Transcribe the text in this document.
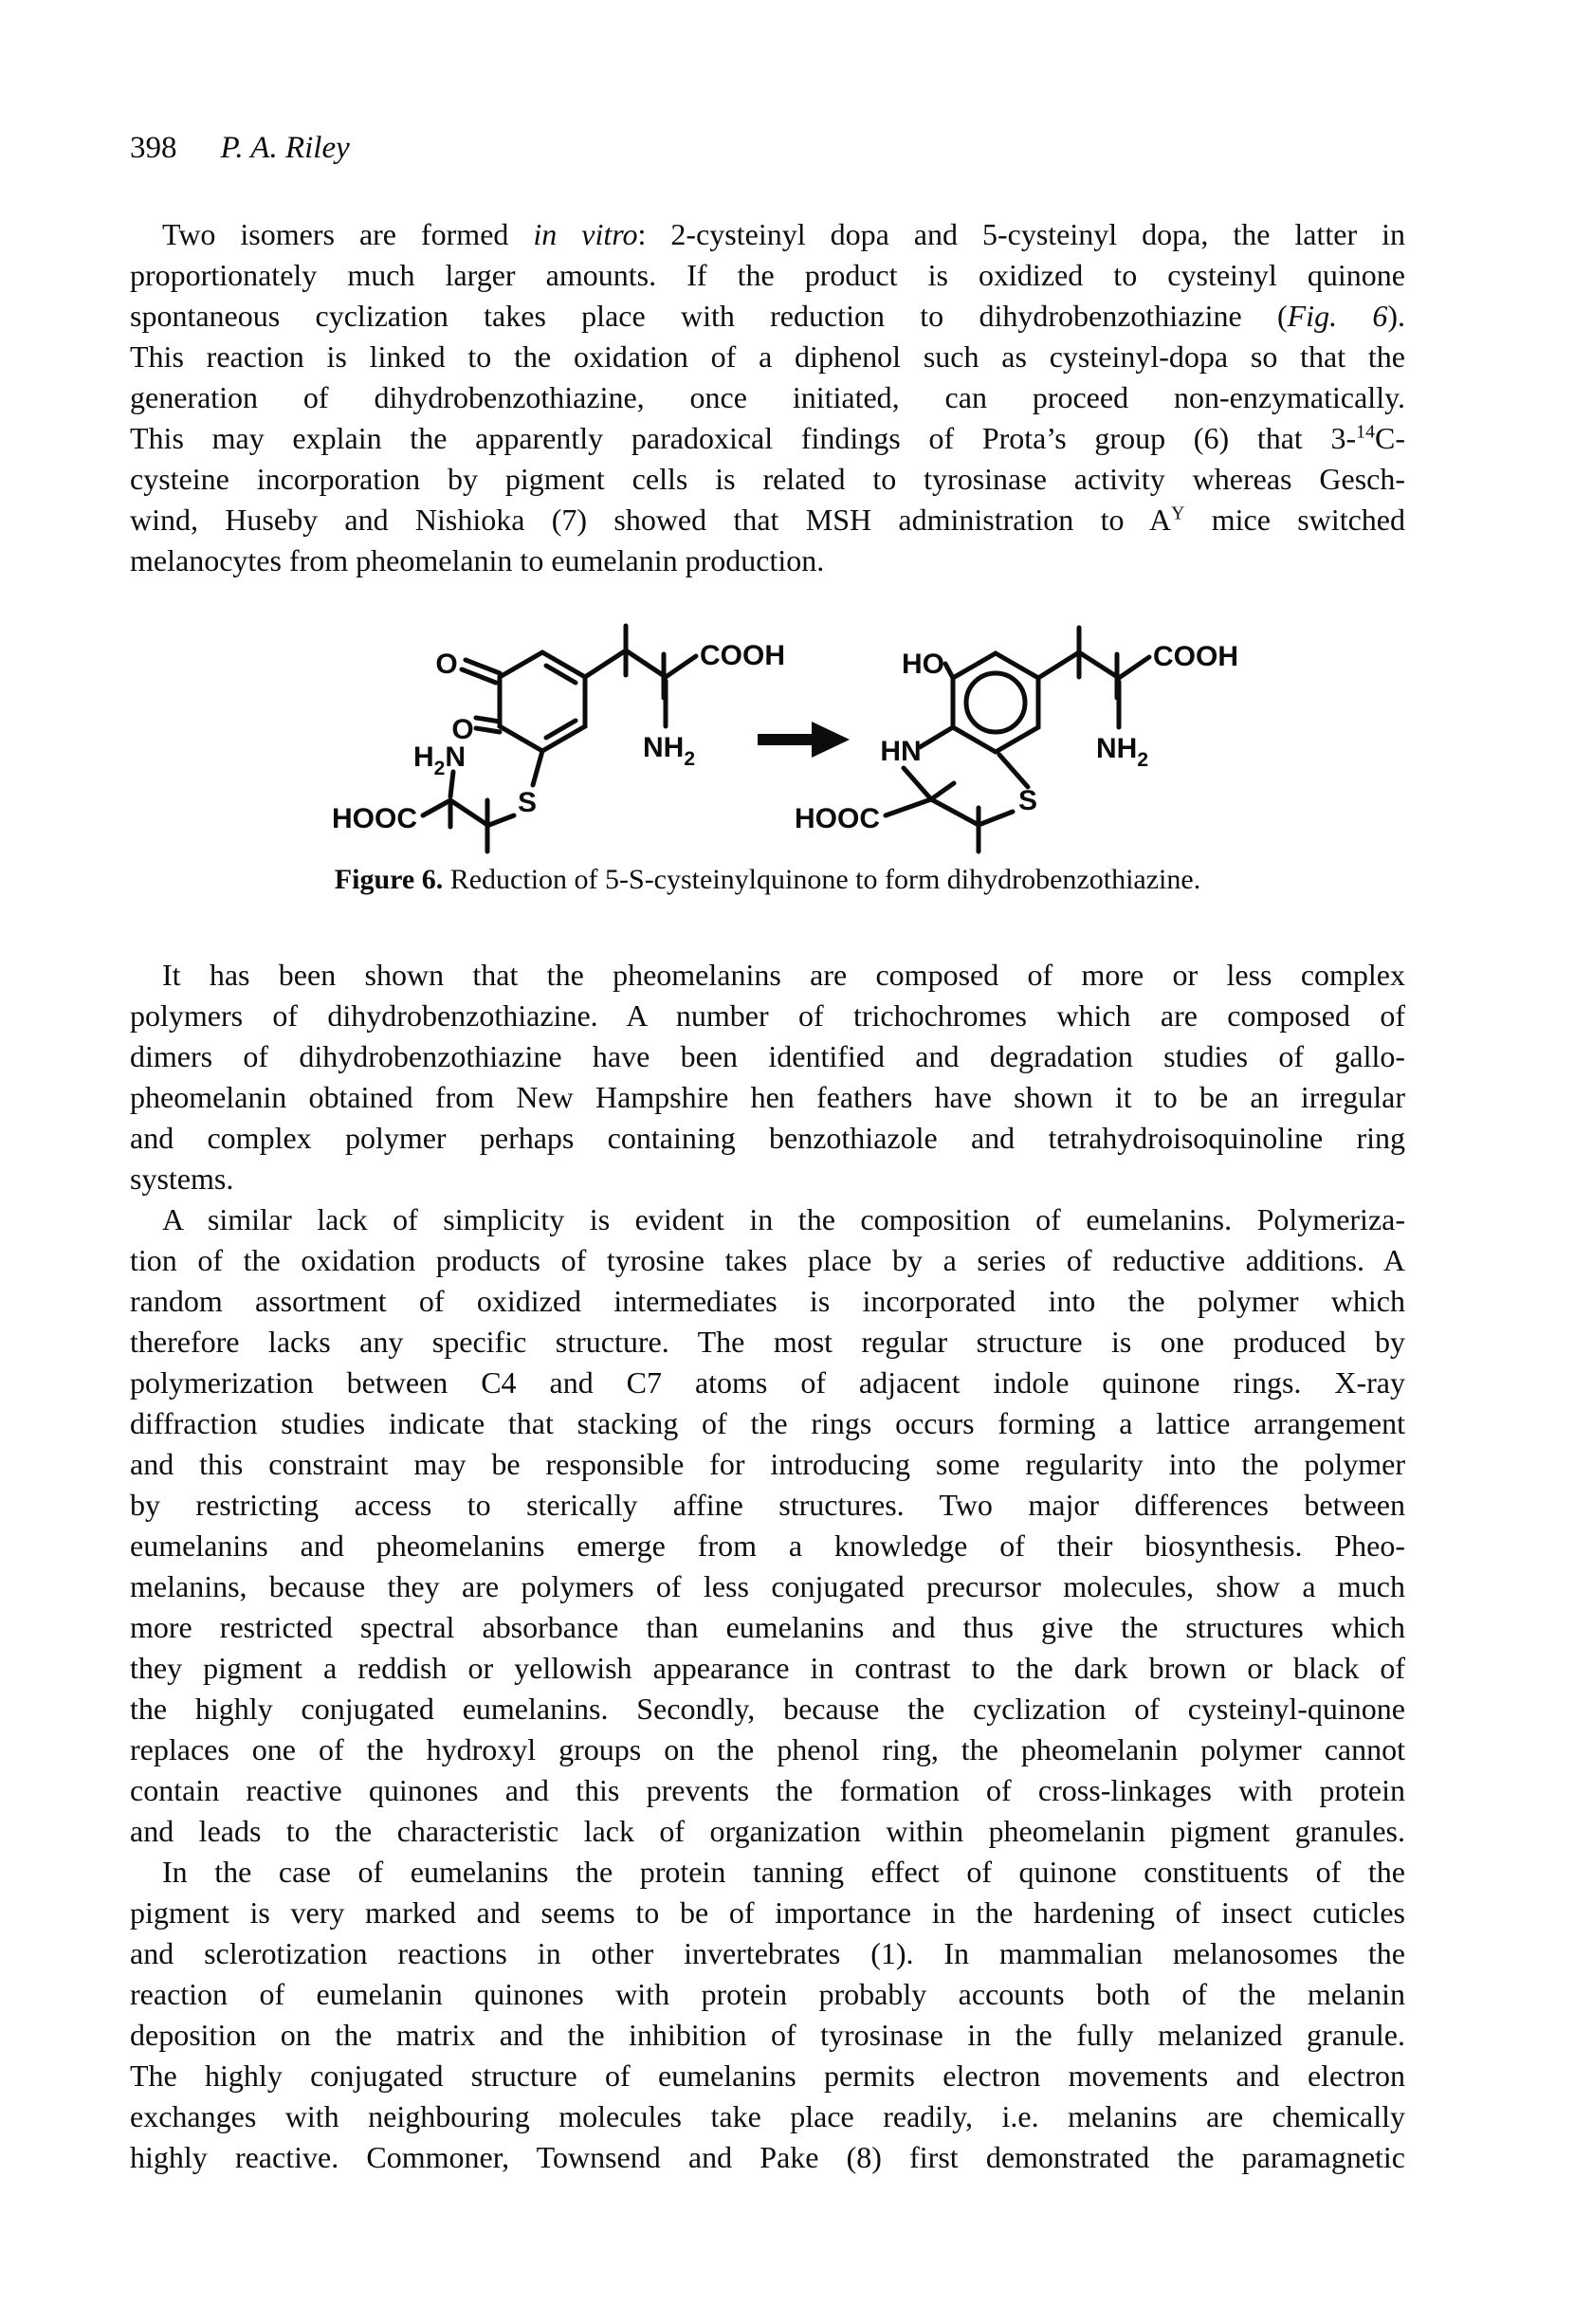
398 P. A. Riley
Two isomers are formed in vitro: 2-cysteinyl dopa and 5-cysteinyl dopa, the latter in
proportionately much larger amounts. If the product is oxidized to cysteinyl quinone
spontaneous cyclization takes place with reduction to dihydrobenzothiazine (Fig. 6).
This reaction is linked to the oxidation of a diphenol such as cysteinyl-dopa so that the
generation of dihydrobenzothiazine, once initiated, can proceed non-enzymatically.
This may explain the apparently paradoxical findings of Prota’s group (6) that 3-$^{14}$C-
cysteine incorporation by pigment cells is related to tyrosinase activity whereas Gesch-
wind, Huseby and Nishioka (7) showed that MSH administration to $A^Y$ mice switched
melanocytes from pheomelanin to eumelanin production.
O
O
COOH
$NH_2$
S
$H_2N$
HOOC
HO
HN
HOOC
S
COOH
$NH_2$
Figure 6. Reduction of 5-S-cysteinylquinone to form dihydrobenzothiazine.
It has been shown that the pheomelanins are composed of more or less complex
polymers of dihydrobenzothiazine. A number of trichochromes which are composed of
dimers of dihydrobenzothiazine have been identified and degradation studies of gallo-
pheomelanin obtained from New Hampshire hen feathers have shown it to be an irregular
and complex polymer perhaps containing benzothiazole and tetrahydroisoquinoline ring
systems.
A similar lack of simplicity is evident in the composition of eumelanins. Polymeriza-
tion of the oxidation products of tyrosine takes place by a series of reductive additions. A
random assortment of oxidized intermediates is incorporated into the polymer which
therefore lacks any specific structure. The most regular structure is one produced by
polymerization between C4 and C7 atoms of adjacent indole quinone rings. X-ray
diffraction studies indicate that stacking of the rings occurs forming a lattice arrangement
and this constraint may be responsible for introducing some regularity into the polymer
by restricting access to sterically affine structures. Two major differences between
eumelanins and pheomelanins emerge from a knowledge of their biosynthesis. Pheo-
melanins, because they are polymers of less conjugated precursor molecules, show a much
more restricted spectral absorbance than eumelanins and thus give the structures which
they pigment a reddish or yellowish appearance in contrast to the dark brown or black of
the highly conjugated eumelanins. Secondly, because the cyclization of cysteinyl-quinone
replaces one of the hydroxyl groups on the phenol ring, the pheomelanin polymer cannot
contain reactive quinones and this prevents the formation of cross-linkages with protein
and leads to the characteristic lack of organization within pheomelanin pigment granules.
In the case of eumelanins the protein tanning effect of quinone constituents of the
pigment is very marked and seems to be of importance in the hardening of insect cuticles
and sclerotization reactions in other invertebrates (1). In mammalian melanosomes the
reaction of eumelanin quinones with protein probably accounts both of the melanin
deposition on the matrix and the inhibition of tyrosinase in the fully melanized granule.
The highly conjugated structure of eumelanins permits electron movements and electron
exchanges with neighbouring molecules take place readily, i.e. melanins are chemically
highly reactive. Commoner, Townsend and Pake (8) first demonstrated the paramagnetic
